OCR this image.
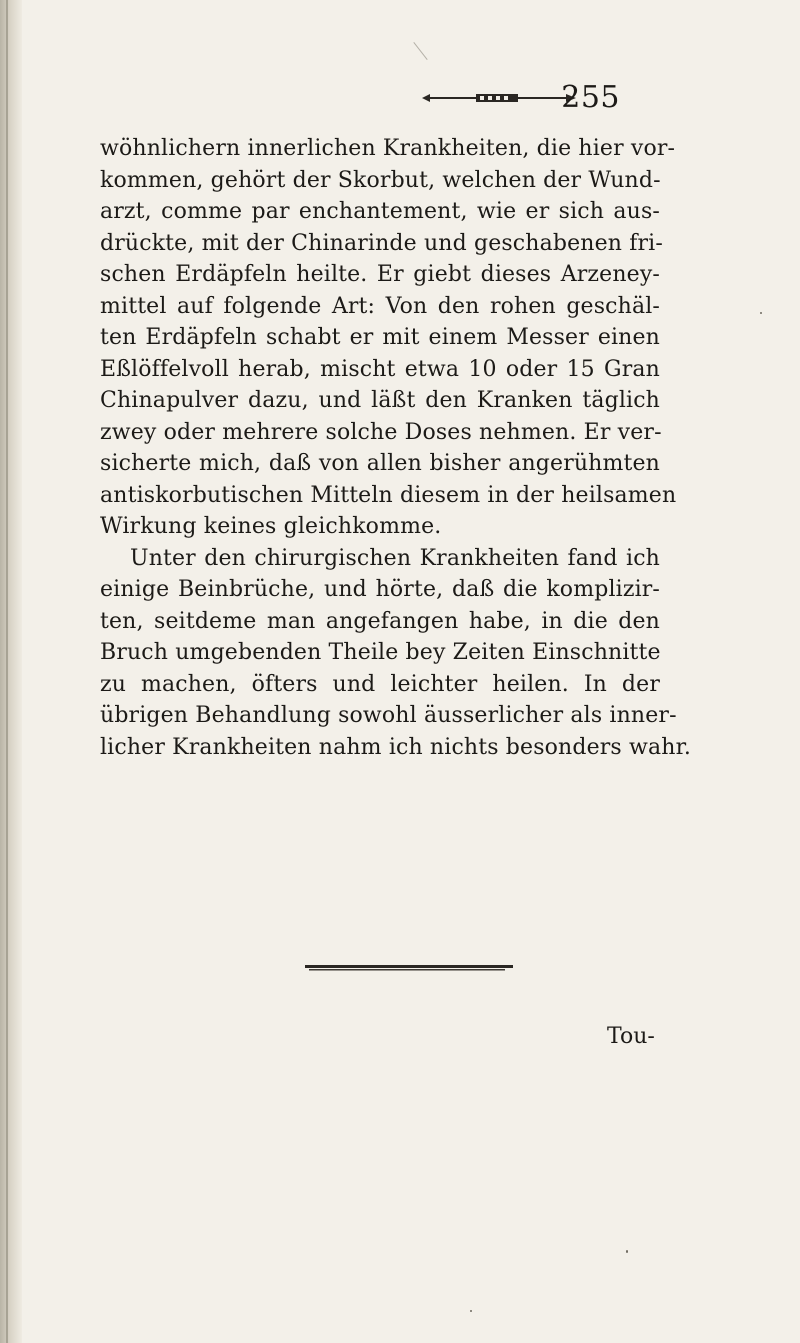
255
wöhnlichern innerlichen Krankheiten, die hier vor-
kommen, gehört der Skorbut, welchen der Wund-
arzt, comme par enchantement, wie er sich aus-
drückte, mit der Chinarinde und geschabenen fri-
schen Erdäpfeln heilte. Er giebt dieses Arzeney-
mittel auf folgende Art: Von den rohen geschäl-
ten Erdäpfeln schabt er mit einem Messer einen
Eßlöffelvoll herab, mischt etwa 10 oder 15 Gran
Chinapulver dazu, und läßt den Kranken täglich
zwey oder mehrere solche Doses nehmen. Er ver-
sicherte mich, daß von allen bisher angerühmten
antiskorbutischen Mitteln diesem in der heilsamen
Wirkung keines gleichkomme.
Unter den chirurgischen Krankheiten fand ich
einige Beinbrüche, und hörte, daß die komplizir-
ten, seitdeme man angefangen habe, in die den
Bruch umgebenden Theile bey Zeiten Einschnitte
zu machen, öfters und leichter heilen. In der
übrigen Behandlung sowohl äusserlicher als inner-
licher Krankheiten nahm ich nichts besonders wahr.
Tou-
